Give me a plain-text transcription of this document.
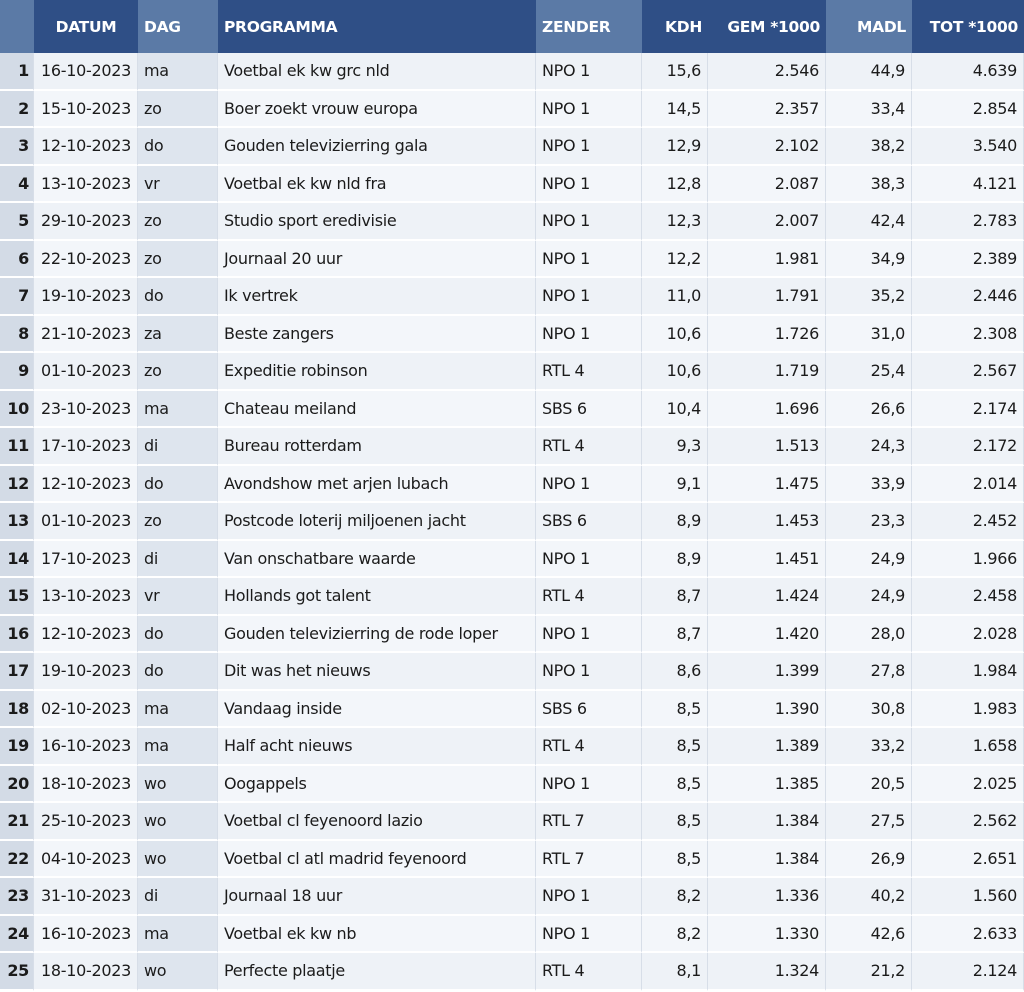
	DATUM	DAG	PROGRAMMA	ZENDER	KDH	GEM *1000	MADL	TOT *1000
1	16-10-2023	ma	Voetbal ek kw grc nld	NPO 1	15,6	2.546	44,9	4.639
2	15-10-2023	zo	Boer zoekt vrouw europa	NPO 1	14,5	2.357	33,4	2.854
3	12-10-2023	do	Gouden televizierring gala	NPO 1	12,9	2.102	38,2	3.540
4	13-10-2023	vr	Voetbal ek kw nld fra	NPO 1	12,8	2.087	38,3	4.121
5	29-10-2023	zo	Studio sport eredivisie	NPO 1	12,3	2.007	42,4	2.783
6	22-10-2023	zo	Journaal 20 uur	NPO 1	12,2	1.981	34,9	2.389
7	19-10-2023	do	Ik vertrek	NPO 1	11,0	1.791	35,2	2.446
8	21-10-2023	za	Beste zangers	NPO 1	10,6	1.726	31,0	2.308
9	01-10-2023	zo	Expeditie robinson	RTL 4	10,6	1.719	25,4	2.567
10	23-10-2023	ma	Chateau meiland	SBS 6	10,4	1.696	26,6	2.174
11	17-10-2023	di	Bureau rotterdam	RTL 4	9,3	1.513	24,3	2.172
12	12-10-2023	do	Avondshow met arjen lubach	NPO 1	9,1	1.475	33,9	2.014
13	01-10-2023	zo	Postcode loterij miljoenen jacht	SBS 6	8,9	1.453	23,3	2.452
14	17-10-2023	di	Van onschatbare waarde	NPO 1	8,9	1.451	24,9	1.966
15	13-10-2023	vr	Hollands got talent	RTL 4	8,7	1.424	24,9	2.458
16	12-10-2023	do	Gouden televizierring de rode loper	NPO 1	8,7	1.420	28,0	2.028
17	19-10-2023	do	Dit was het nieuws	NPO 1	8,6	1.399	27,8	1.984
18	02-10-2023	ma	Vandaag inside	SBS 6	8,5	1.390	30,8	1.983
19	16-10-2023	ma	Half acht nieuws	RTL 4	8,5	1.389	33,2	1.658
20	18-10-2023	wo	Oogappels	NPO 1	8,5	1.385	20,5	2.025
21	25-10-2023	wo	Voetbal cl feyenoord lazio	RTL 7	8,5	1.384	27,5	2.562
22	04-10-2023	wo	Voetbal cl atl madrid feyenoord	RTL 7	8,5	1.384	26,9	2.651
23	31-10-2023	di	Journaal 18 uur	NPO 1	8,2	1.336	40,2	1.560
24	16-10-2023	ma	Voetbal ek kw nb	NPO 1	8,2	1.330	42,6	2.633
25	18-10-2023	wo	Perfecte plaatje	RTL 4	8,1	1.324	21,2	2.124
